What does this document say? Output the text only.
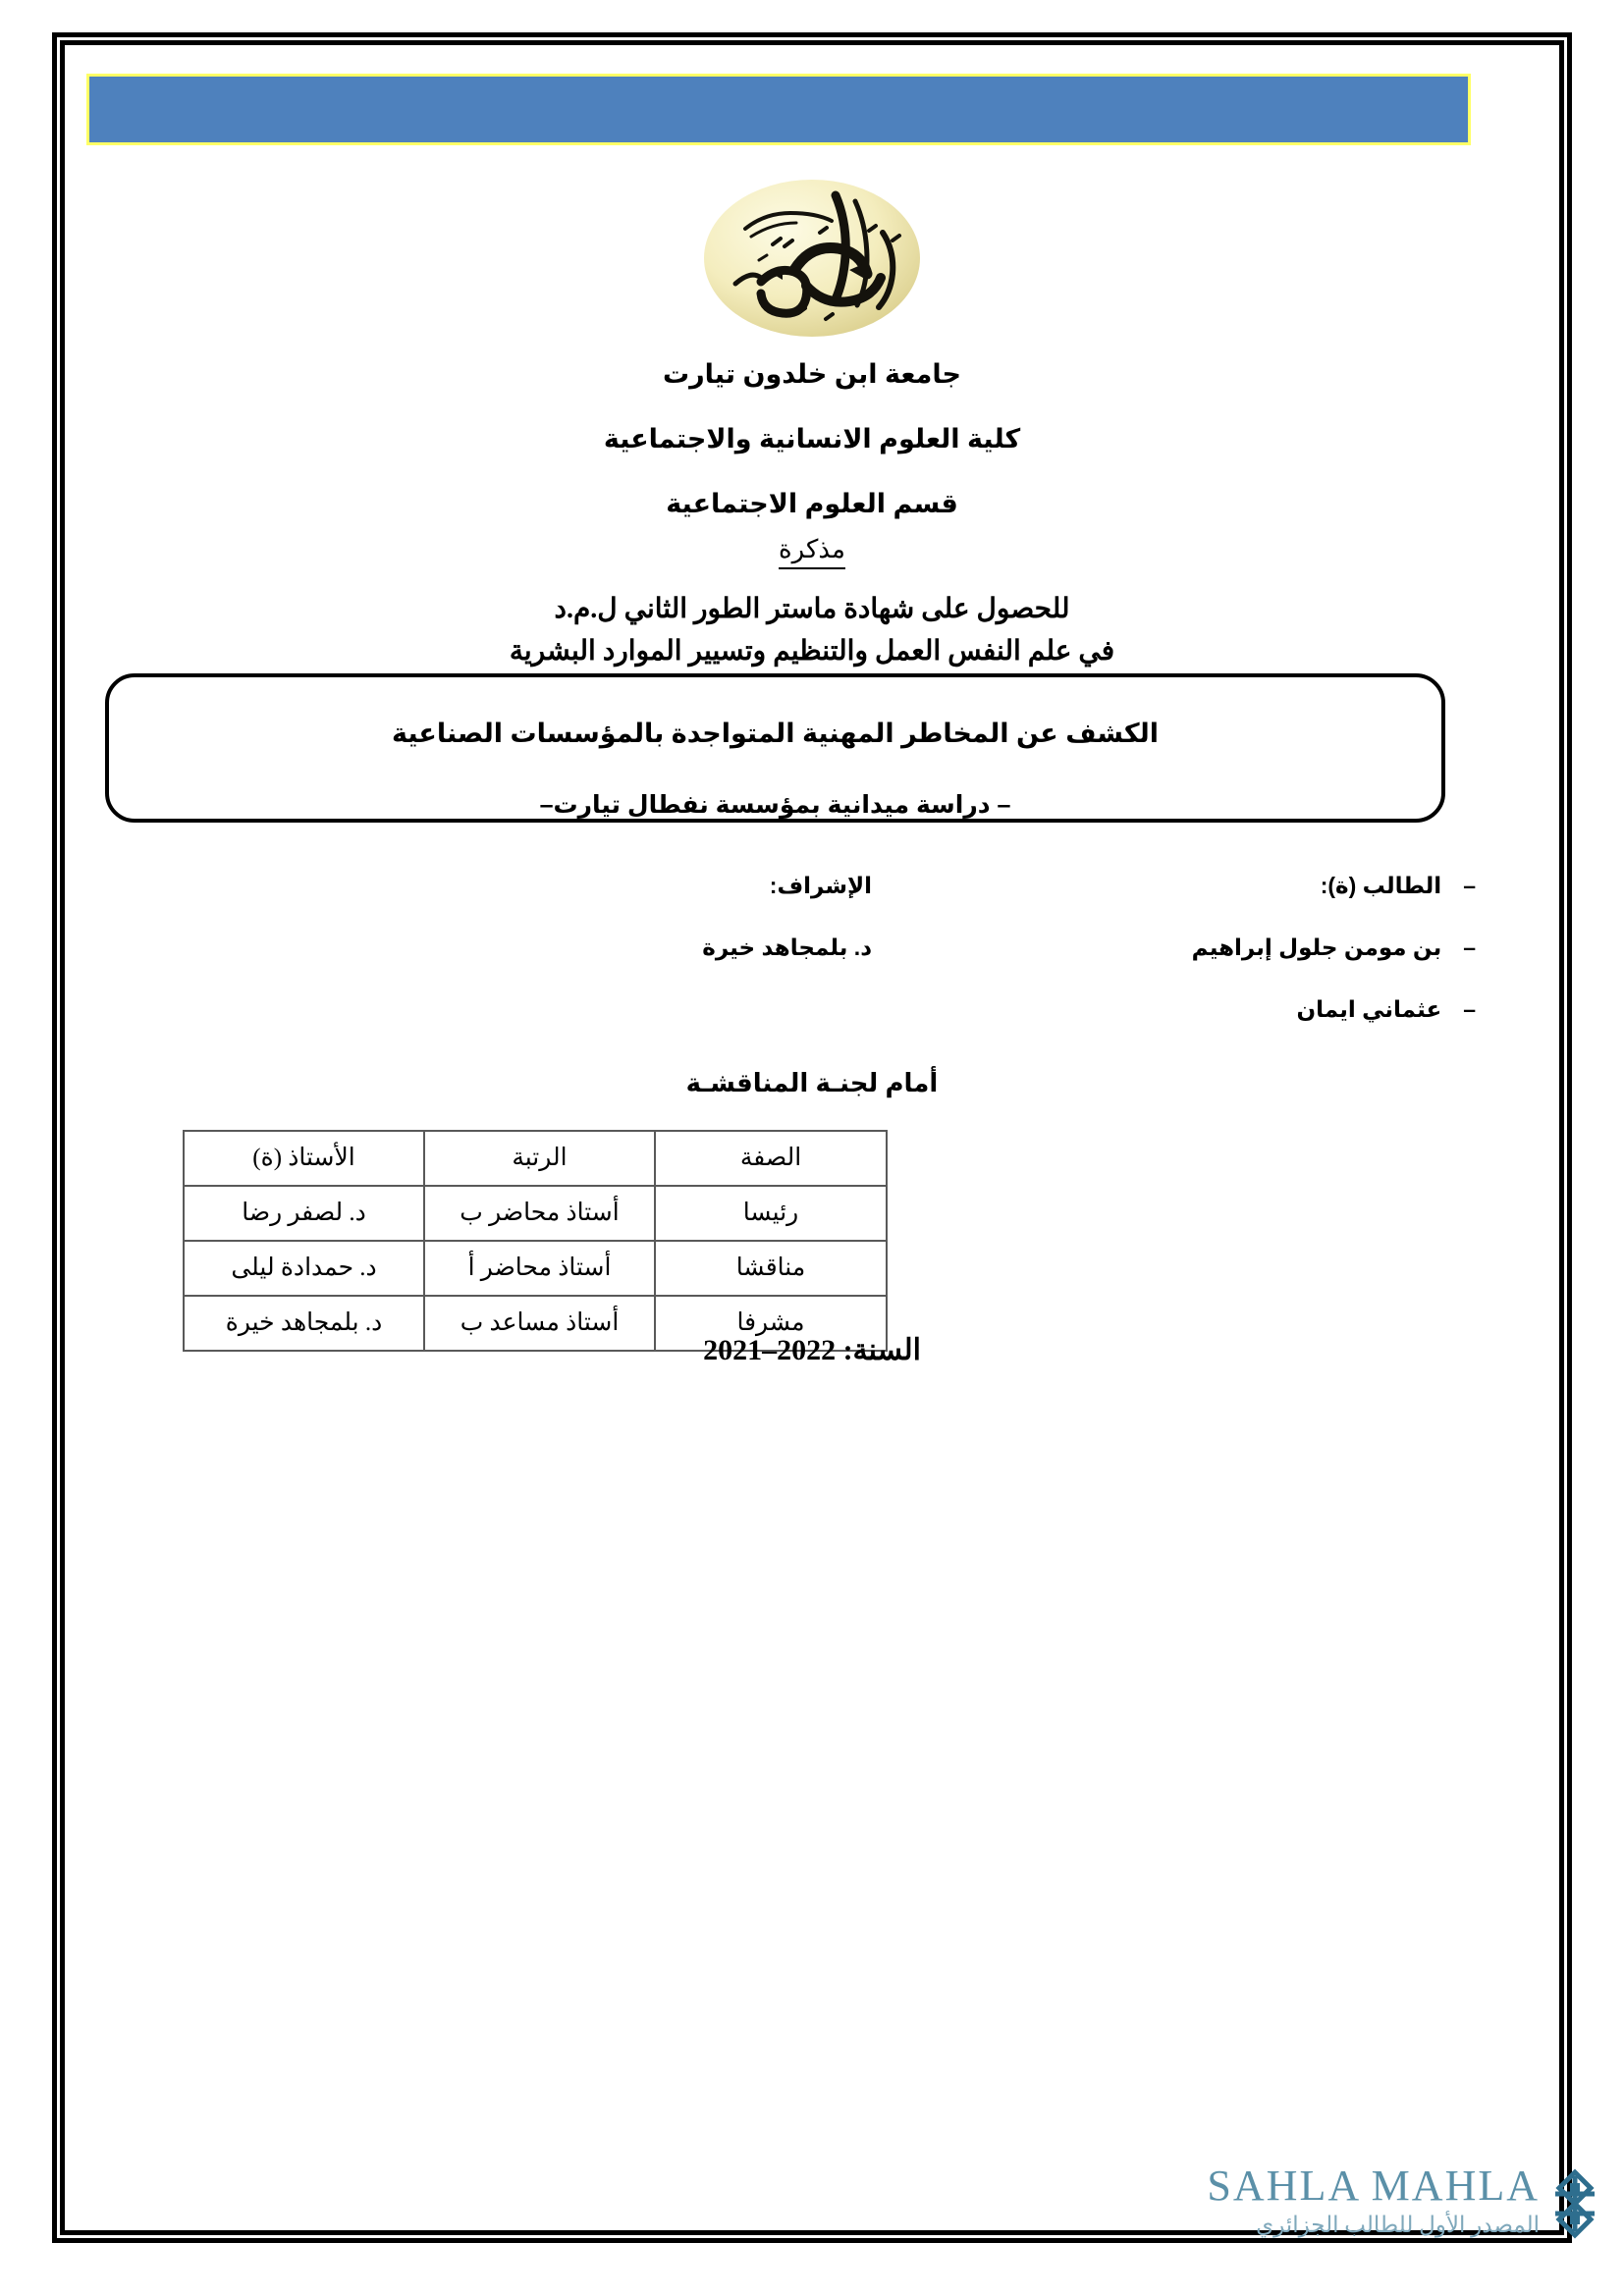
جامعة ابن خلدون تيارت
كلية العلوم الانسانية والاجتماعية
قسم العلوم الاجتماعية
مذكرة
للحصول على شهادة ماستر الطور الثاني ل.م.د
في علم النفس العمل والتنظيم وتسيير الموارد البشرية
الكشف عن المخاطر المهنية المتواجدة بالمؤسسات الصناعية
– دراسة ميدانية بمؤسسة نفطال تيارت–
–الطالب (ة):
–بن مومن جلول إبراهيم
–عثماني ايمان
الإشراف:
د. بلمجاهد خيرة
أمام لجنـة المناقشـة
الصفة	الرتبة	الأستاذ (ة)
رئيسا	أستاذ محاضر ب	د. لصفر رضا
مناقشا	أستاذ محاضر أ	د. حمدادة ليلى
مشرفا	أستاذ مساعد ب	د. بلمجاهد خيرة
السنة: 2022–2021
SAHLA MAHLA
المصدر الأول للطالب الجزائري
